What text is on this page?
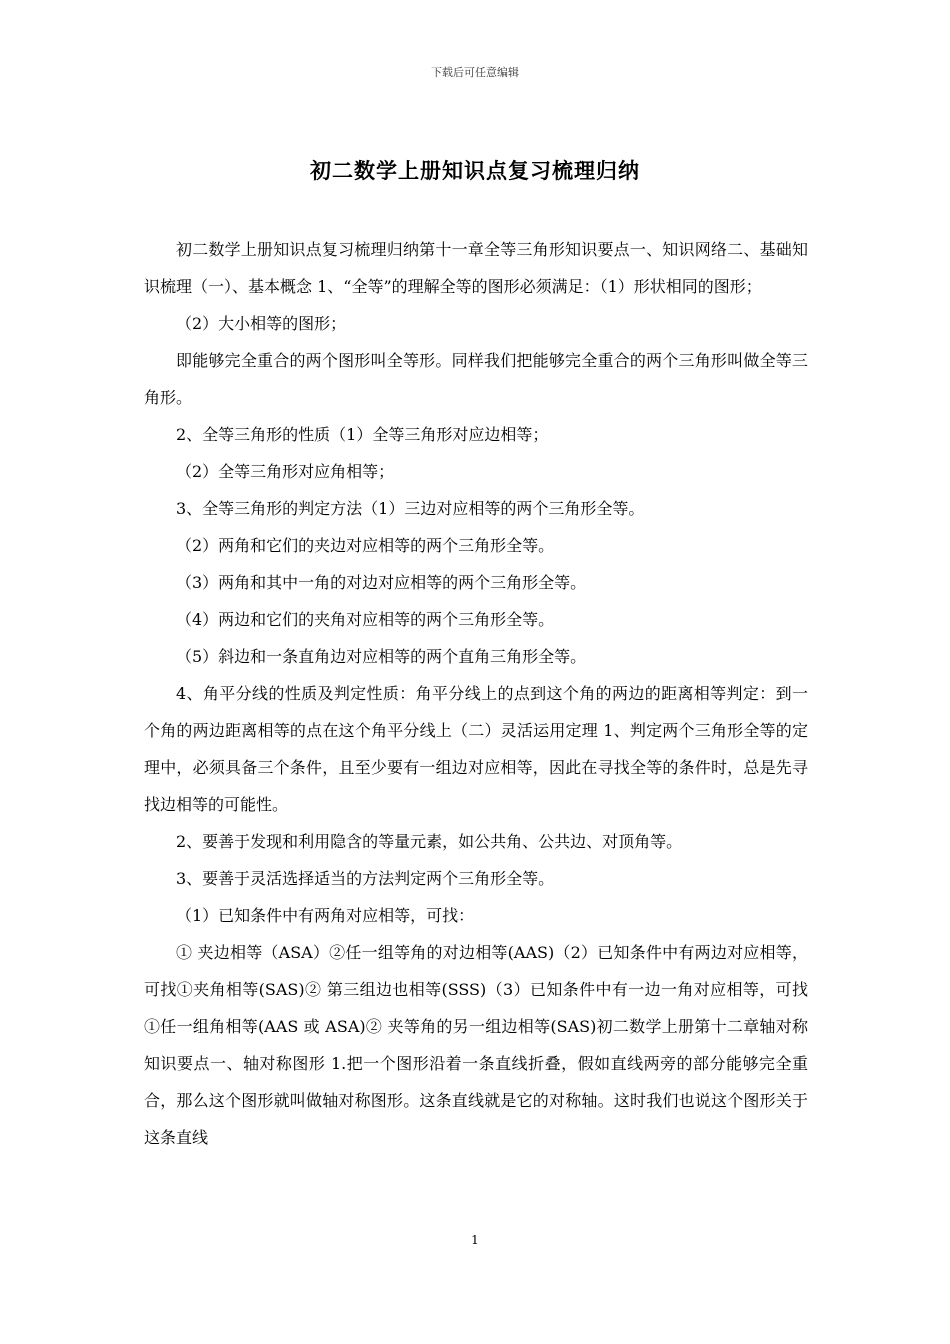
下载后可任意编辑
初二数学上册知识点复习梳理归纳

初二数学上册知识点复习梳理归纳第十一章全等三角形知识要点一、知识网络二、基础知识梳理（一）、基本概念 1、“全等”的理解全等的图形必须满足：（1）形状相同的图形；

（2）大小相等的图形；

即能够完全重合的两个图形叫全等形。同样我们把能够完全重合的两个三角形叫做全等三角形。

2、全等三角形的性质（1）全等三角形对应边相等；

（2）全等三角形对应角相等；

3、全等三角形的判定方法（1）三边对应相等的两个三角形全等。

（2）两角和它们的夹边对应相等的两个三角形全等。

（3）两角和其中一角的对边对应相等的两个三角形全等。

（4）两边和它们的夹角对应相等的两个三角形全等。

（5）斜边和一条直角边对应相等的两个直角三角形全等。

4、角平分线的性质及判定性质：角平分线上的点到这个角的两边的距离相等判定：到一个角的两边距离相等的点在这个角平分线上（二）灵活运用定理 1、判定两个三角形全等的定理中，必须具备三个条件，且至少要有一组边对应相等，因此在寻找全等的条件时，总是先寻找边相等的可能性。

2、要善于发现和利用隐含的等量元素，如公共角、公共边、对顶角等。

3、要善于灵活选择适当的方法判定两个三角形全等。

（1）已知条件中有两角对应相等，可找：

① 夹边相等（ASA）②任一组等角的对边相等(AAS)（2）已知条件中有两边对应相等，可找①夹角相等(SAS)② 第三组边也相等(SSS)（3）已知条件中有一边一角对应相等，可找①任一组角相等(AAS 或 ASA)② 夹等角的另一组边相等(SAS)初二数学上册第十二章轴对称知识要点一、轴对称图形 1.把一个图形沿着一条直线折叠，假如直线两旁的部分能够完全重合，那么这个图形就叫做轴对称图形。这条直线就是它的对称轴。这时我们也说这个图形关于这条直线

1
